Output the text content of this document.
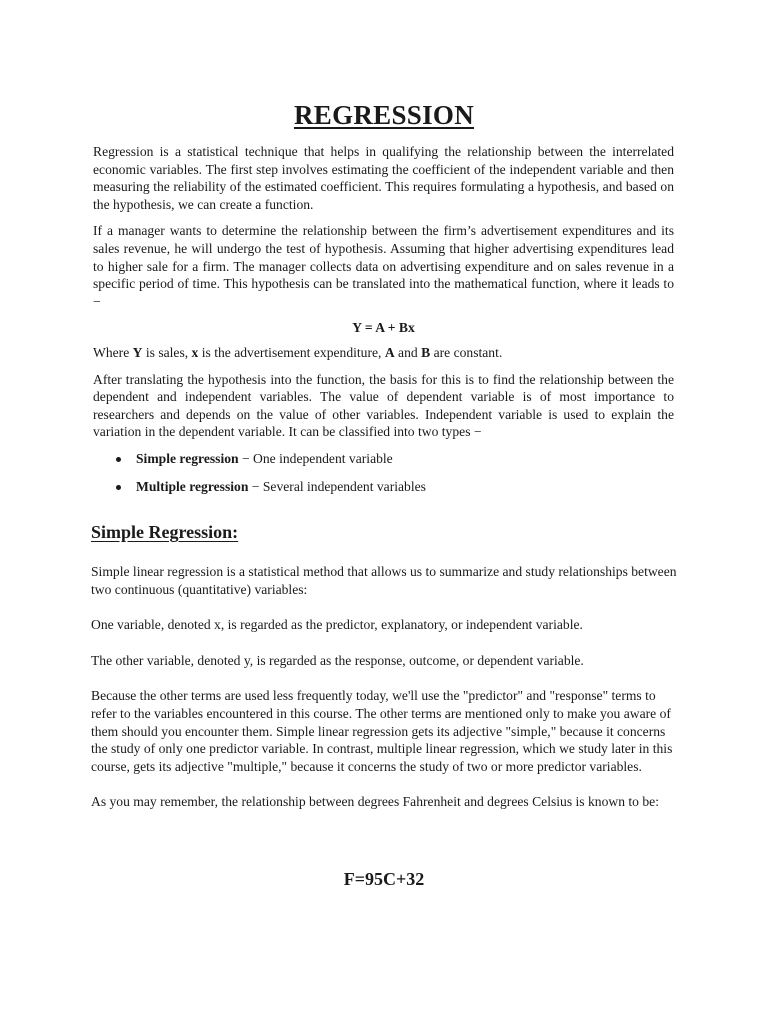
REGRESSION

Regression is a statistical technique that helps in qualifying the relationship between the interrelated economic variables. The first step involves estimating the coefficient of the independent variable and then measuring the reliability of the estimated coefficient. This requires formulating a hypothesis, and based on the hypothesis, we can create a function.

If a manager wants to determine the relationship between the firm’s advertisement expenditures and its sales revenue, he will undergo the test of hypothesis. Assuming that higher advertising expenditures lead to higher sale for a firm. The manager collects data on advertising expenditure and on sales revenue in a specific period of time. This hypothesis can be translated into the mathematical function, where it leads to −

Y = A + Bx

Where Y is sales, x is the advertisement expenditure, A and B are constant.

After translating the hypothesis into the function, the basis for this is to find the relationship between the dependent and independent variables. The value of dependent variable is of most importance to researchers and depends on the value of other variables. Independent variable is used to explain the variation in the dependent variable. It can be classified into two types −

Simple regression − One independent variable
Multiple regression − Several independent variables
Simple Regression:

Simple linear regression is a statistical method that allows us to summarize and study relationships between two continuous (quantitative) variables:

One variable, denoted x, is regarded as the predictor, explanatory, or independent variable.

The other variable, denoted y, is regarded as the response, outcome, or dependent variable.

Because the other terms are used less frequently today, we'll use the "predictor" and "response" terms to refer to the variables encountered in this course. The other terms are mentioned only to make you aware of them should you encounter them. Simple linear regression gets its adjective "simple," because it concerns the study of only one predictor variable. In contrast, multiple linear regression, which we study later in this course, gets its adjective "multiple," because it concerns the study of two or more predictor variables.

As you may remember, the relationship between degrees Fahrenheit and degrees Celsius is known to be:

F=95C+32
